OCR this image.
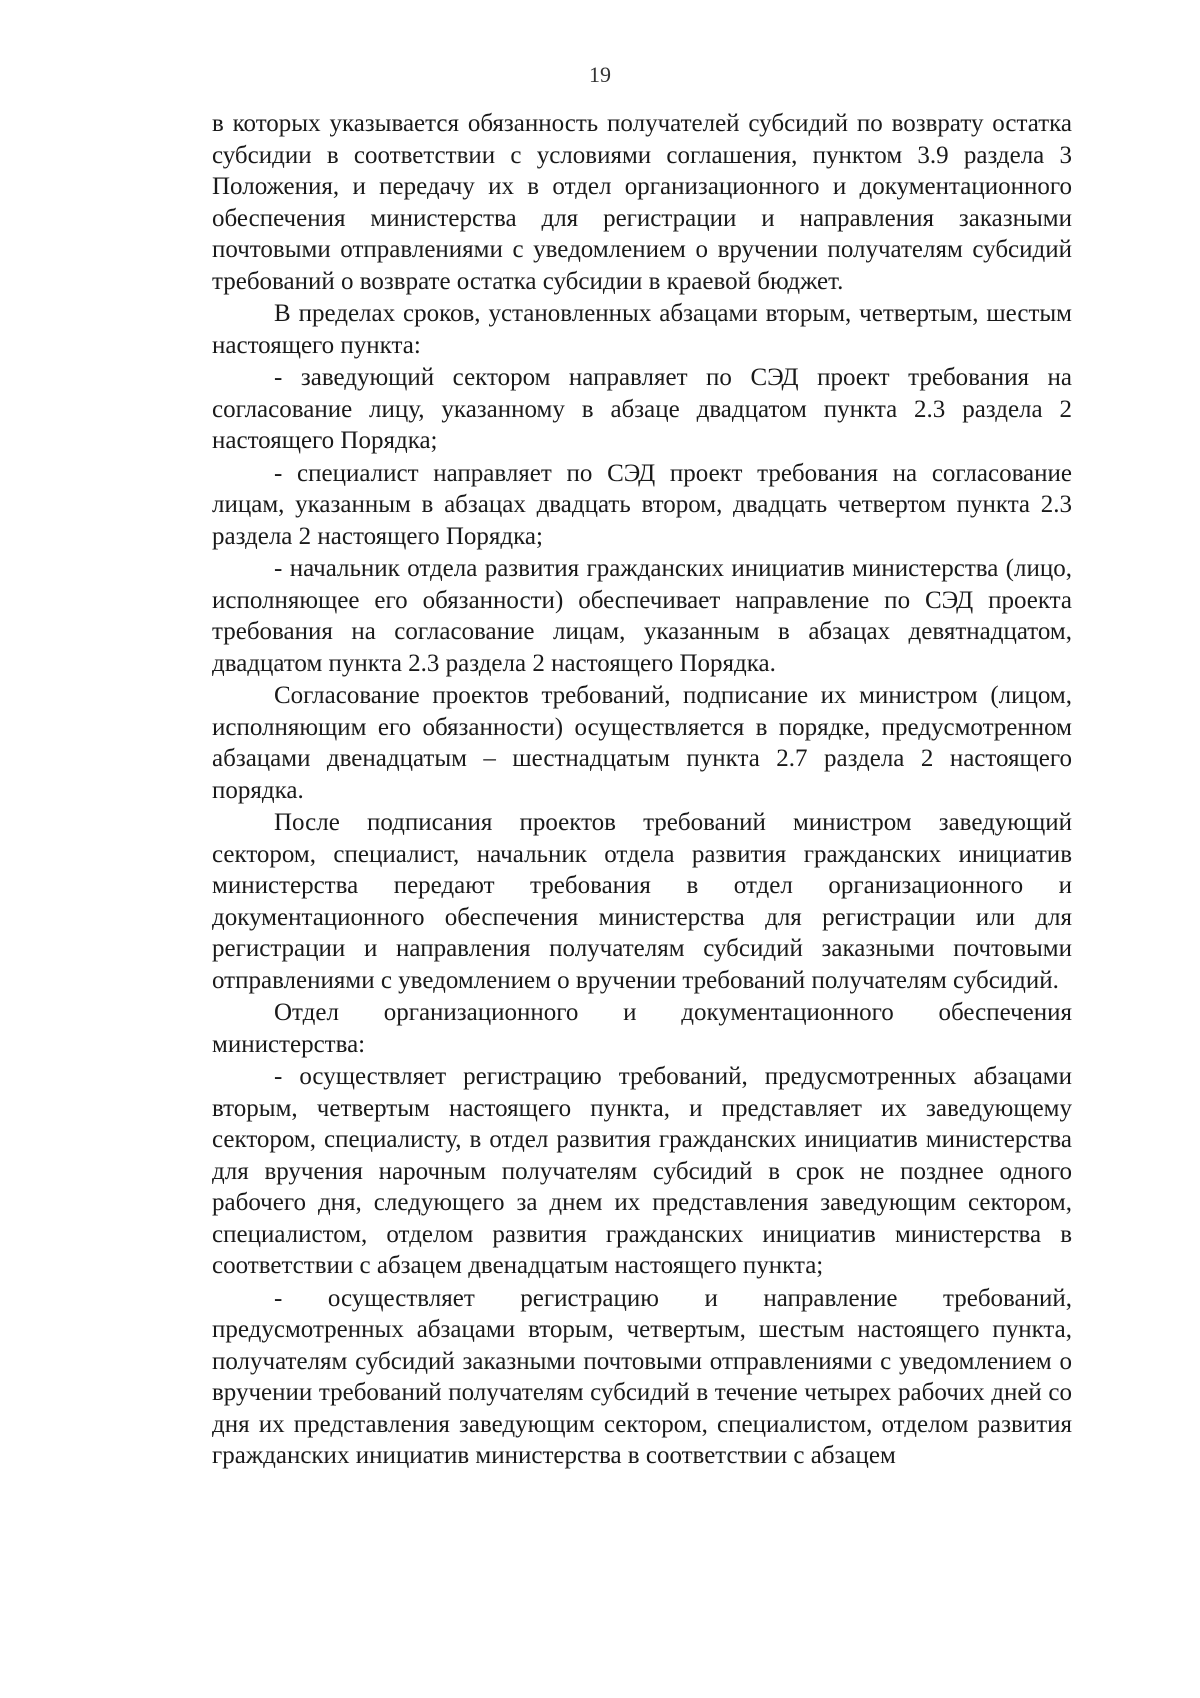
19

в которых указывается обязанность получателей субсидий по возврату остатка субсидии в соответствии с условиями соглашения, пунктом 3.9 раздела 3 Положения, и передачу их в отдел организационного и документационного обеспечения министерства для регистрации и направления заказными почтовыми отправлениями с уведомлением о вручении получателям субсидий требований о возврате остатка субсидии в краевой бюджет.

В пределах сроков, установленных абзацами вторым, четвертым, шестым настоящего пункта:

- заведующий сектором направляет по СЭД проект требования на согласование лицу, указанному в абзаце двадцатом пункта 2.3 раздела 2 настоящего Порядка;

- специалист направляет по СЭД проект требования на согласование лицам, указанным в абзацах двадцать втором, двадцать четвертом пункта 2.3 раздела 2 настоящего Порядка;

- начальник отдела развития гражданских инициатив министерства (лицо, исполняющее его обязанности) обеспечивает направление по СЭД проекта требования на согласование лицам, указанным в абзацах девятнадцатом, двадцатом пункта 2.3 раздела 2 настоящего Порядка.

Согласование проектов требований, подписание их министром (лицом, исполняющим его обязанности) осуществляется в порядке, предусмотренном абзацами двенадцатым – шестнадцатым пункта 2.7 раздела 2 настоящего порядка.

После подписания проектов требований министром заведующий сектором, специалист, начальник отдела развития гражданских инициатив министерства передают требования в отдел организационного и документационного обеспечения министерства для регистрации или для регистрации и направления получателям субсидий заказными почтовыми отправлениями с уведомлением о вручении требований получателям субсидий.

Отдел организационного и документационного обеспечения министерства:

- осуществляет регистрацию требований, предусмотренных абзацами вторым, четвертым настоящего пункта, и представляет их заведующему сектором, специалисту, в отдел развития гражданских инициатив министерства для вручения нарочным получателям субсидий в срок не позднее одного рабочего дня, следующего за днем их представления заведующим сектором, специалистом, отделом развития гражданских инициатив министерства в соответствии с абзацем двенадцатым настоящего пункта;

- осуществляет регистрацию и направление требований, предусмотренных абзацами вторым, четвертым, шестым настоящего пункта, получателям субсидий заказными почтовыми отправлениями с уведомлением о вручении требований получателям субсидий в течение четырех рабочих дней со дня их представления заведующим сектором, специалистом, отделом развития гражданских инициатив министерства в соответствии с абзацем
